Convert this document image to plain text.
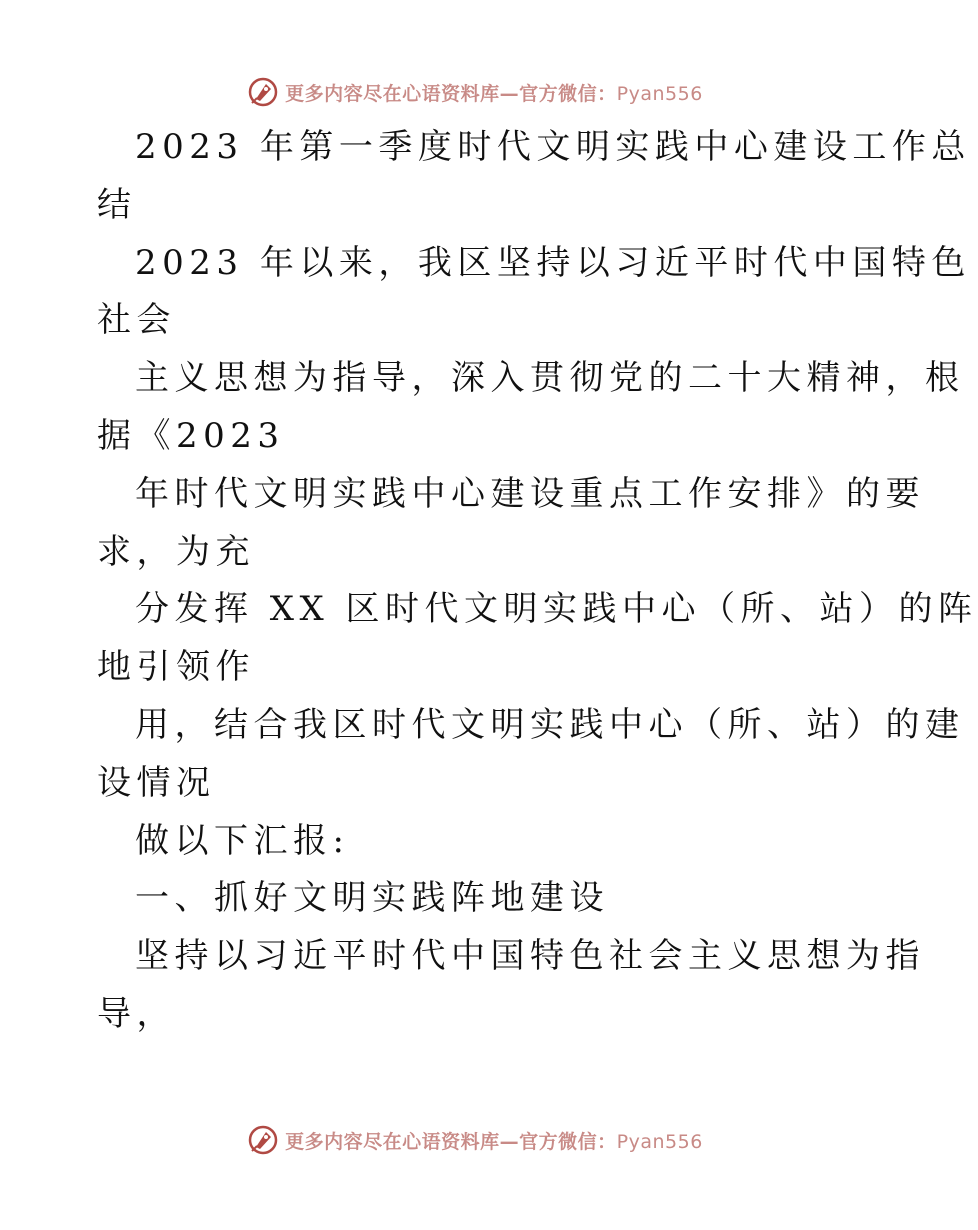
更多内容尽在心语资料库—官方微信：Pyan556
2023 年第一季度时代文明实践中心建设工作总
结
2023 年以来，我区坚持以习近平时代中国特色
社会
主义思想为指导，深入贯彻党的二十大精神，根
据《2023
年时代文明实践中心建设重点工作安排》的要
求，为充
分发挥 XX 区时代文明实践中心（所、站）的阵
地引领作
用，结合我区时代文明实践中心（所、站）的建
设情况
做以下汇报:
一、抓好文明实践阵地建设
坚持以习近平时代中国特色社会主义思想为指
导，
更多内容尽在心语资料库—官方微信：Pyan556
